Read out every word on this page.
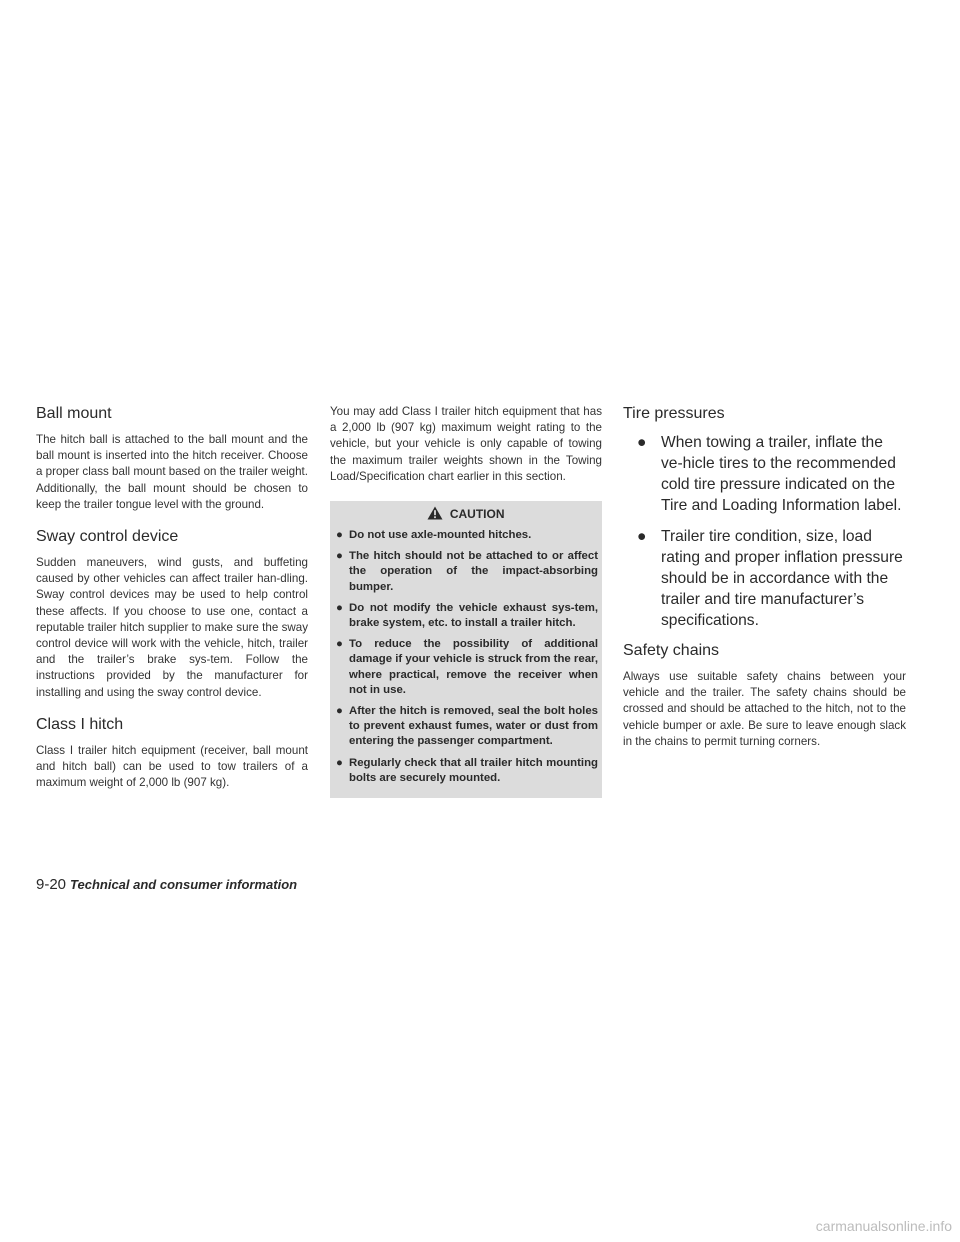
Ball mount

The hitch ball is attached to the ball mount and the ball mount is inserted into the hitch receiver. Choose a proper class ball mount based on the trailer weight. Additionally, the ball mount should be chosen to keep the trailer tongue level with the ground.

Sway control device

Sudden maneuvers, wind gusts, and buffeting caused by other vehicles can affect trailer han-dling. Sway control devices may be used to help control these affects. If you choose to use one, contact a reputable trailer hitch supplier to make sure the sway control device will work with the vehicle, hitch, trailer and the trailer’s brake sys-tem. Follow the instructions provided by the manufacturer for installing and using the sway control device.

Class I hitch

Class I trailer hitch equipment (receiver, ball mount and hitch ball) can be used to tow trailers of a maximum weight of 2,000 lb (907 kg).

You may add Class I trailer hitch equipment that has a 2,000 lb (907 kg) maximum weight rating to the vehicle, but your vehicle is only capable of towing the maximum trailer weights shown in the Towing Load/Specification chart earlier in this section.

CAUTION
● Do not use axle-mounted hitches.
● The hitch should not be attached to or affect the operation of the impact-absorbing bumper.
● Do not modify the vehicle exhaust sys-tem, brake system, etc. to install a trailer hitch.
● To reduce the possibility of additional damage if your vehicle is struck from the rear, where practical, remove the receiver when not in use.
● After the hitch is removed, seal the bolt holes to prevent exhaust fumes, water or dust from entering the passenger compartment.
● Regularly check that all trailer hitch mounting bolts are securely mounted.
Tire pressures
● When towing a trailer, inflate the ve-hicle tires to the recommended cold tire pressure indicated on the Tire and Loading Information label.
● Trailer tire condition, size, load rating and proper inflation pressure should be in accordance with the trailer and tire manufacturer’s specifications.
Safety chains

Always use suitable safety chains between your vehicle and the trailer. The safety chains should be crossed and should be attached to the hitch, not to the vehicle bumper or axle. Be sure to leave enough slack in the chains to permit turning corners.

9-20 Technical and consumer information
carmanualsonline.info
